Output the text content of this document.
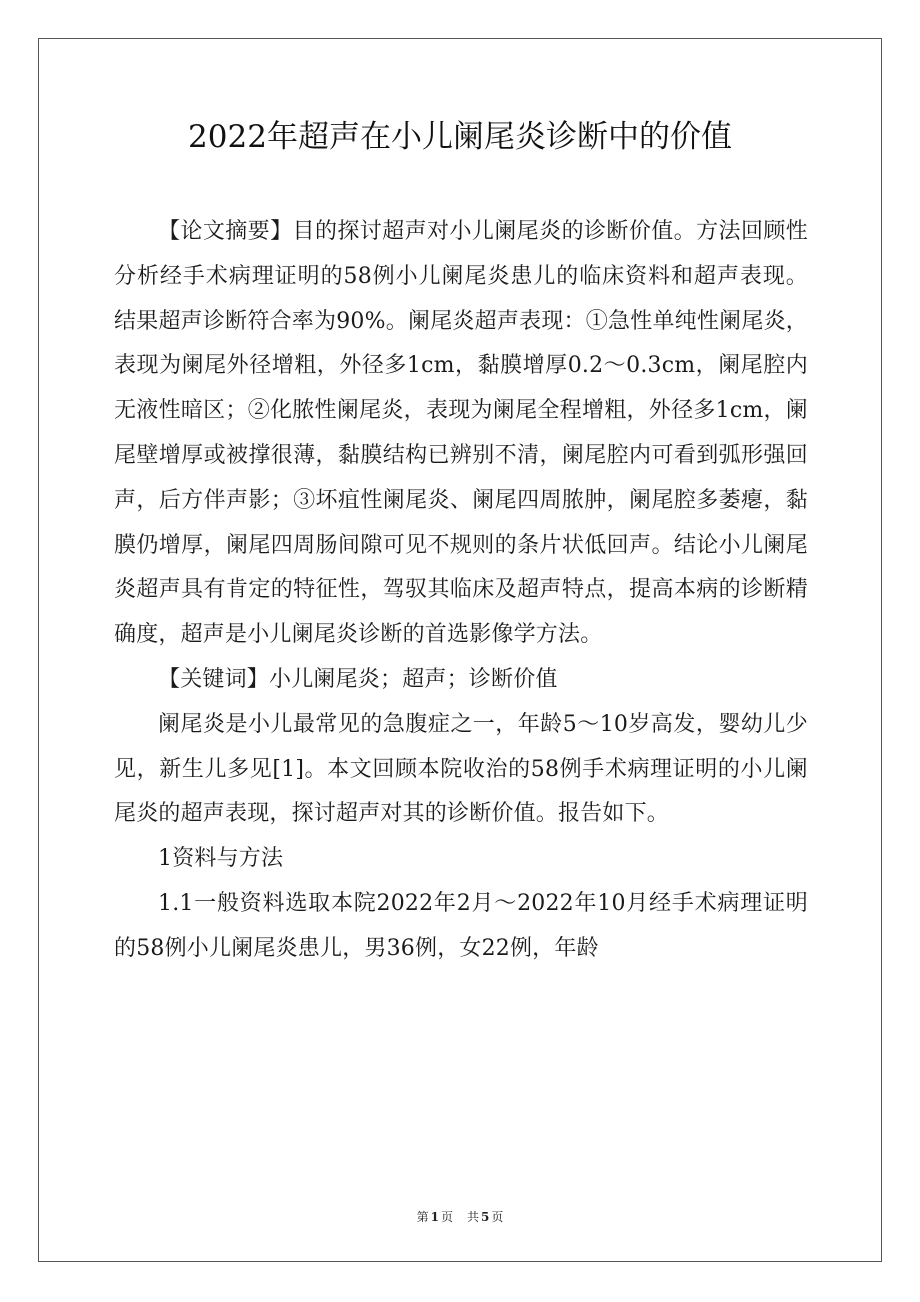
2022年超声在小儿阑尾炎诊断中的价值

【论文摘要】目的探讨超声对小儿阑尾炎的诊断价值。方法回顾性分析经手术病理证明的58例小儿阑尾炎患儿的临床资料和超声表现。结果超声诊断符合率为90%。阑尾炎超声表现：①急性单纯性阑尾炎，表现为阑尾外径增粗，外径多1cm，黏膜增厚0.2～0.3cm，阑尾腔内无液性暗区；②化脓性阑尾炎，表现为阑尾全程增粗，外径多1cm，阑尾壁增厚或被撑很薄，黏膜结构已辨别不清，阑尾腔内可看到弧形强回声，后方伴声影；③坏疽性阑尾炎、阑尾四周脓肿，阑尾腔多萎瘪，黏膜仍增厚，阑尾四周肠间隙可见不规则的条片状低回声。结论小儿阑尾炎超声具有肯定的特征性，驾驭其临床及超声特点，提高本病的诊断精确度，超声是小儿阑尾炎诊断的首选影像学方法。

【关键词】小儿阑尾炎；超声；诊断价值

阑尾炎是小儿最常见的急腹症之一，年龄5～10岁高发，婴幼儿少见，新生儿多见[1]。本文回顾本院收治的58例手术病理证明的小儿阑尾炎的超声表现，探讨超声对其的诊断价值。报告如下。

1资料与方法

1.1一般资料选取本院2022年2月～2022年10月经手术病理证明的58例小儿阑尾炎患儿，男36例，女22例，年龄

第 1 页 共 5 页
